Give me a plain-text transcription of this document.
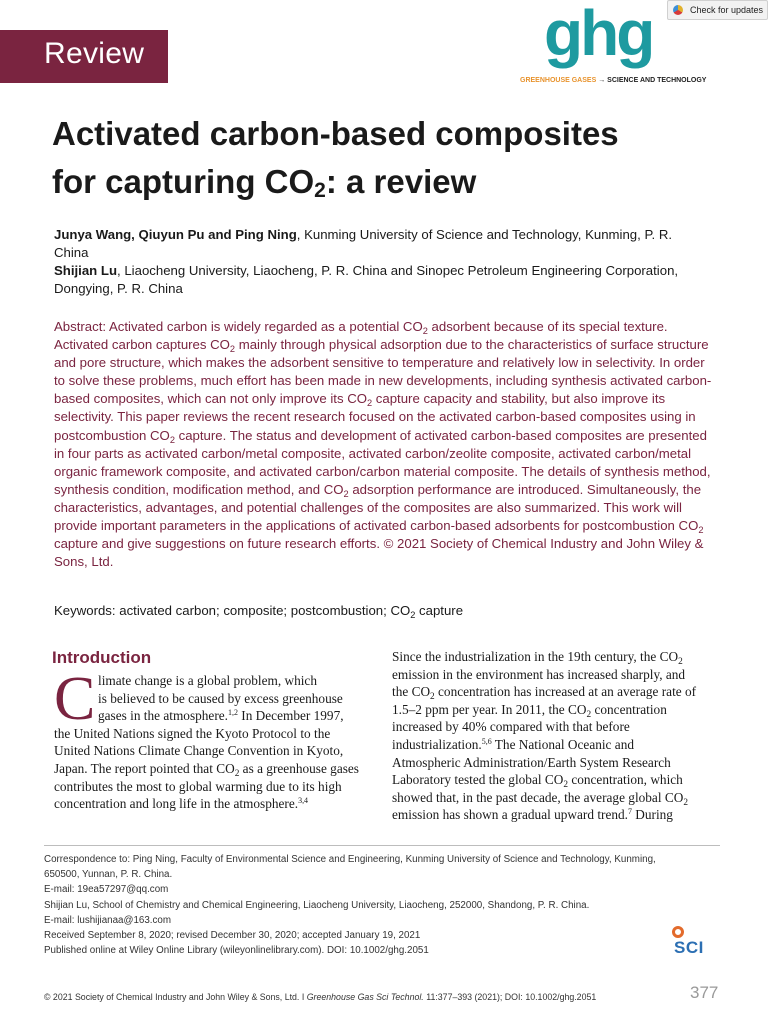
Review
Check for updates
ghg
GREENHOUSE GASES → SCIENCE AND TECHNOLOGY
Activated carbon-based composites
for capturing $CO_2$: a review
Junya Wang, Qiuyun Pu and Ping Ning, Kunming University of Science and Technology, Kunming, P. R. China
Shijian Lu, Liaocheng University, Liaocheng, P. R. China and Sinopec Petroleum Engineering Corporation, Dongying, P. R. China
Abstract: Activated carbon is widely regarded as a potential $CO_2$ adsorbent because of its special texture. Activated carbon captures $CO_2$ mainly through physical adsorption due to the characteristics of surface structure and pore structure, which makes the adsorbent sensitive to temperature and relatively low in selectivity. In order to solve these problems, much effort has been made in new developments, including synthesis activated carbon-based composites, which can not only improve its $CO_2$ capture capacity and stability, but also improve its selectivity. This paper reviews the recent research focused on the activated carbon-based composites using in postcombustion $CO_2$ capture. The status and development of activated carbon-based composites are presented in four parts as activated carbon/metal composite, activated carbon/zeolite composite, activated carbon/metal organic framework composite, and activated carbon/carbon material composite. The details of synthesis method, synthesis condition, modification method, and $CO_2$ adsorption performance are introduced. Simultaneously, the characteristics, advantages, and potential challenges of the composites are also summarized. This work will provide important parameters in the applications of activated carbon-based adsorbents for postcombustion $CO_2$ capture and give suggestions on future research efforts. © 2021 Society of Chemical Industry and John Wiley & Sons, Ltd.
Keywords: activated carbon; composite; postcombustion; $CO_2$ capture
Introduction
C limate change is a global problem, which
is believed to be caused by excess greenhouse
gases in the atmosphere.$^{1,2}$ In December 1997,
the United Nations signed the Kyoto Protocol to the United Nations Climate Change Convention in Kyoto, Japan. The report pointed that $CO_2$ as a greenhouse gases contributes the most to global warming due to its high concentration and long life in the atmosphere.$^{3,4}$
Since the industrialization in the 19th century, the $CO_2$ emission in the environment has increased sharply, and the $CO_2$ concentration has increased at an average rate of 1.5–2 ppm per year. In 2011, the $CO_2$ concentration increased by 40% compared with that before industrialization.$^{5,6}$ The National Oceanic and Atmospheric Administration/Earth System Research Laboratory tested the global $CO_2$ concentration, which showed that, in the past decade, the average global $CO_2$ emission has shown a gradual upward trend.$^7$ During
Correspondence to: Ping Ning, Faculty of Environmental Science and Engineering, Kunming University of Science and Technology, Kunming,
650500, Yunnan, P. R. China.
E-mail: 19ea57297@qq.com
Shijian Lu, School of Chemistry and Chemical Engineering, Liaocheng University, Liaocheng, 252000, Shandong, P. R. China.
E-mail: lushijianaa@163.com
Received September 8, 2020; revised December 30, 2020; accepted January 19, 2021
Published online at Wiley Online Library (wileyonlinelibrary.com). DOI: 10.1002/ghg.2051	SCI
© 2021 Society of Chemical Industry and John Wiley & Sons, Ltd. I Greenhouse Gas Sci Technol. 11:377–393 (2021); DOI: 10.1002/ghg.2051	377
